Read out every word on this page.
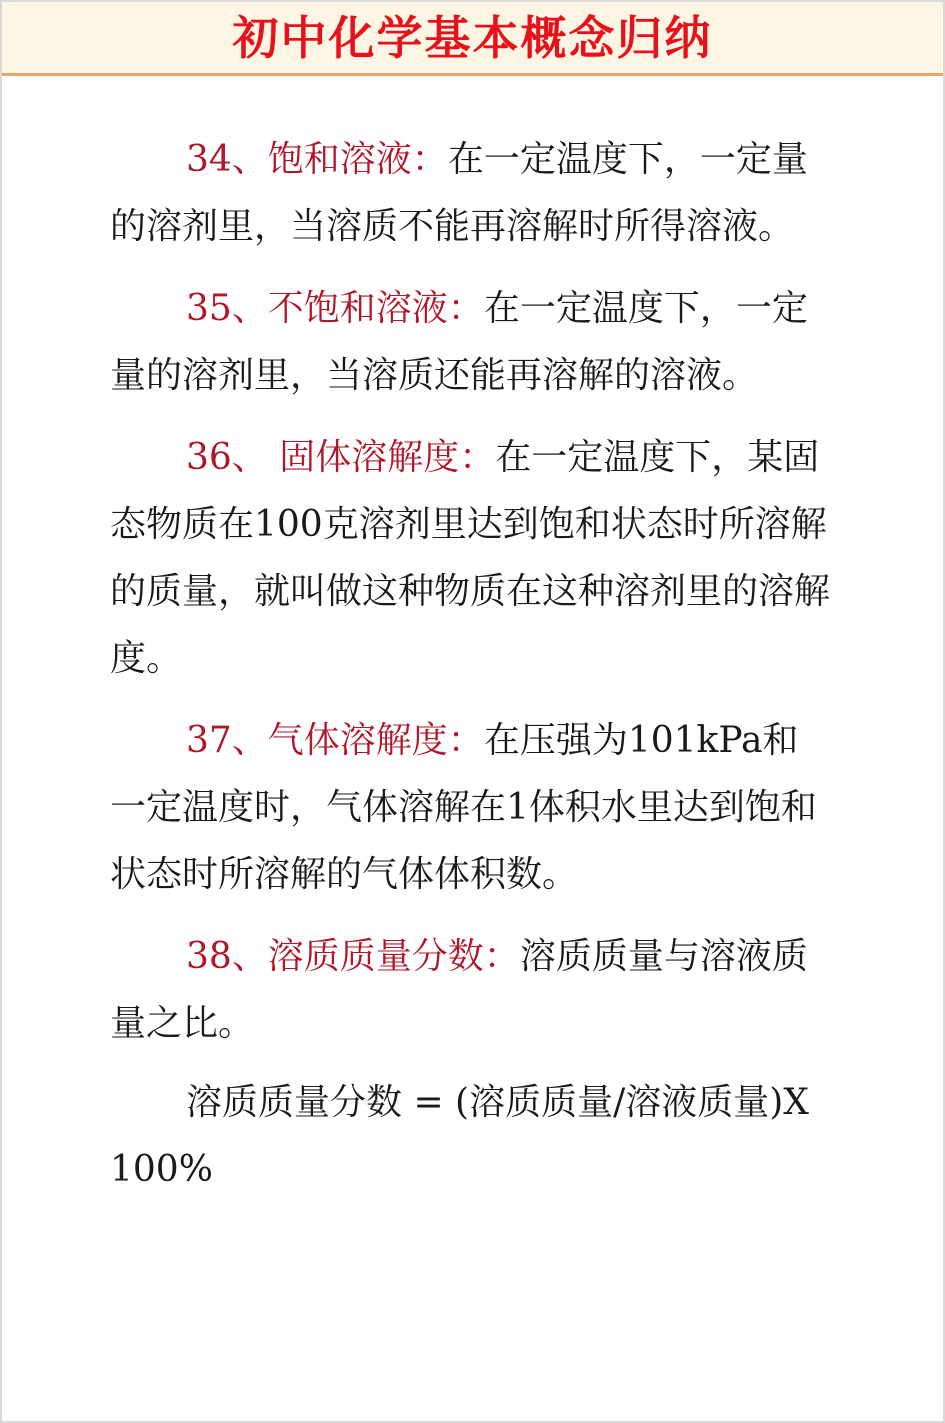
初中化学基本概念归纳

34、饱和溶液：在一定温度下，一定量的溶剂里，当溶质不能再溶解时所得溶液。

35、不饱和溶液：在一定温度下，一定量的溶剂里，当溶质还能再溶解的溶液。

36、 固体溶解度：在一定温度下，某固态物质在100克溶剂里达到饱和状态时所溶解的质量，就叫做这种物质在这种溶剂里的溶解度。

37、气体溶解度：在压强为101kPa和一定温度时，气体溶解在1体积水里达到饱和状态时所溶解的气体体积数。

38、溶质质量分数：溶质质量与溶液质量之比。

溶质质量分数 = (溶质质量/溶液质量)X100%
